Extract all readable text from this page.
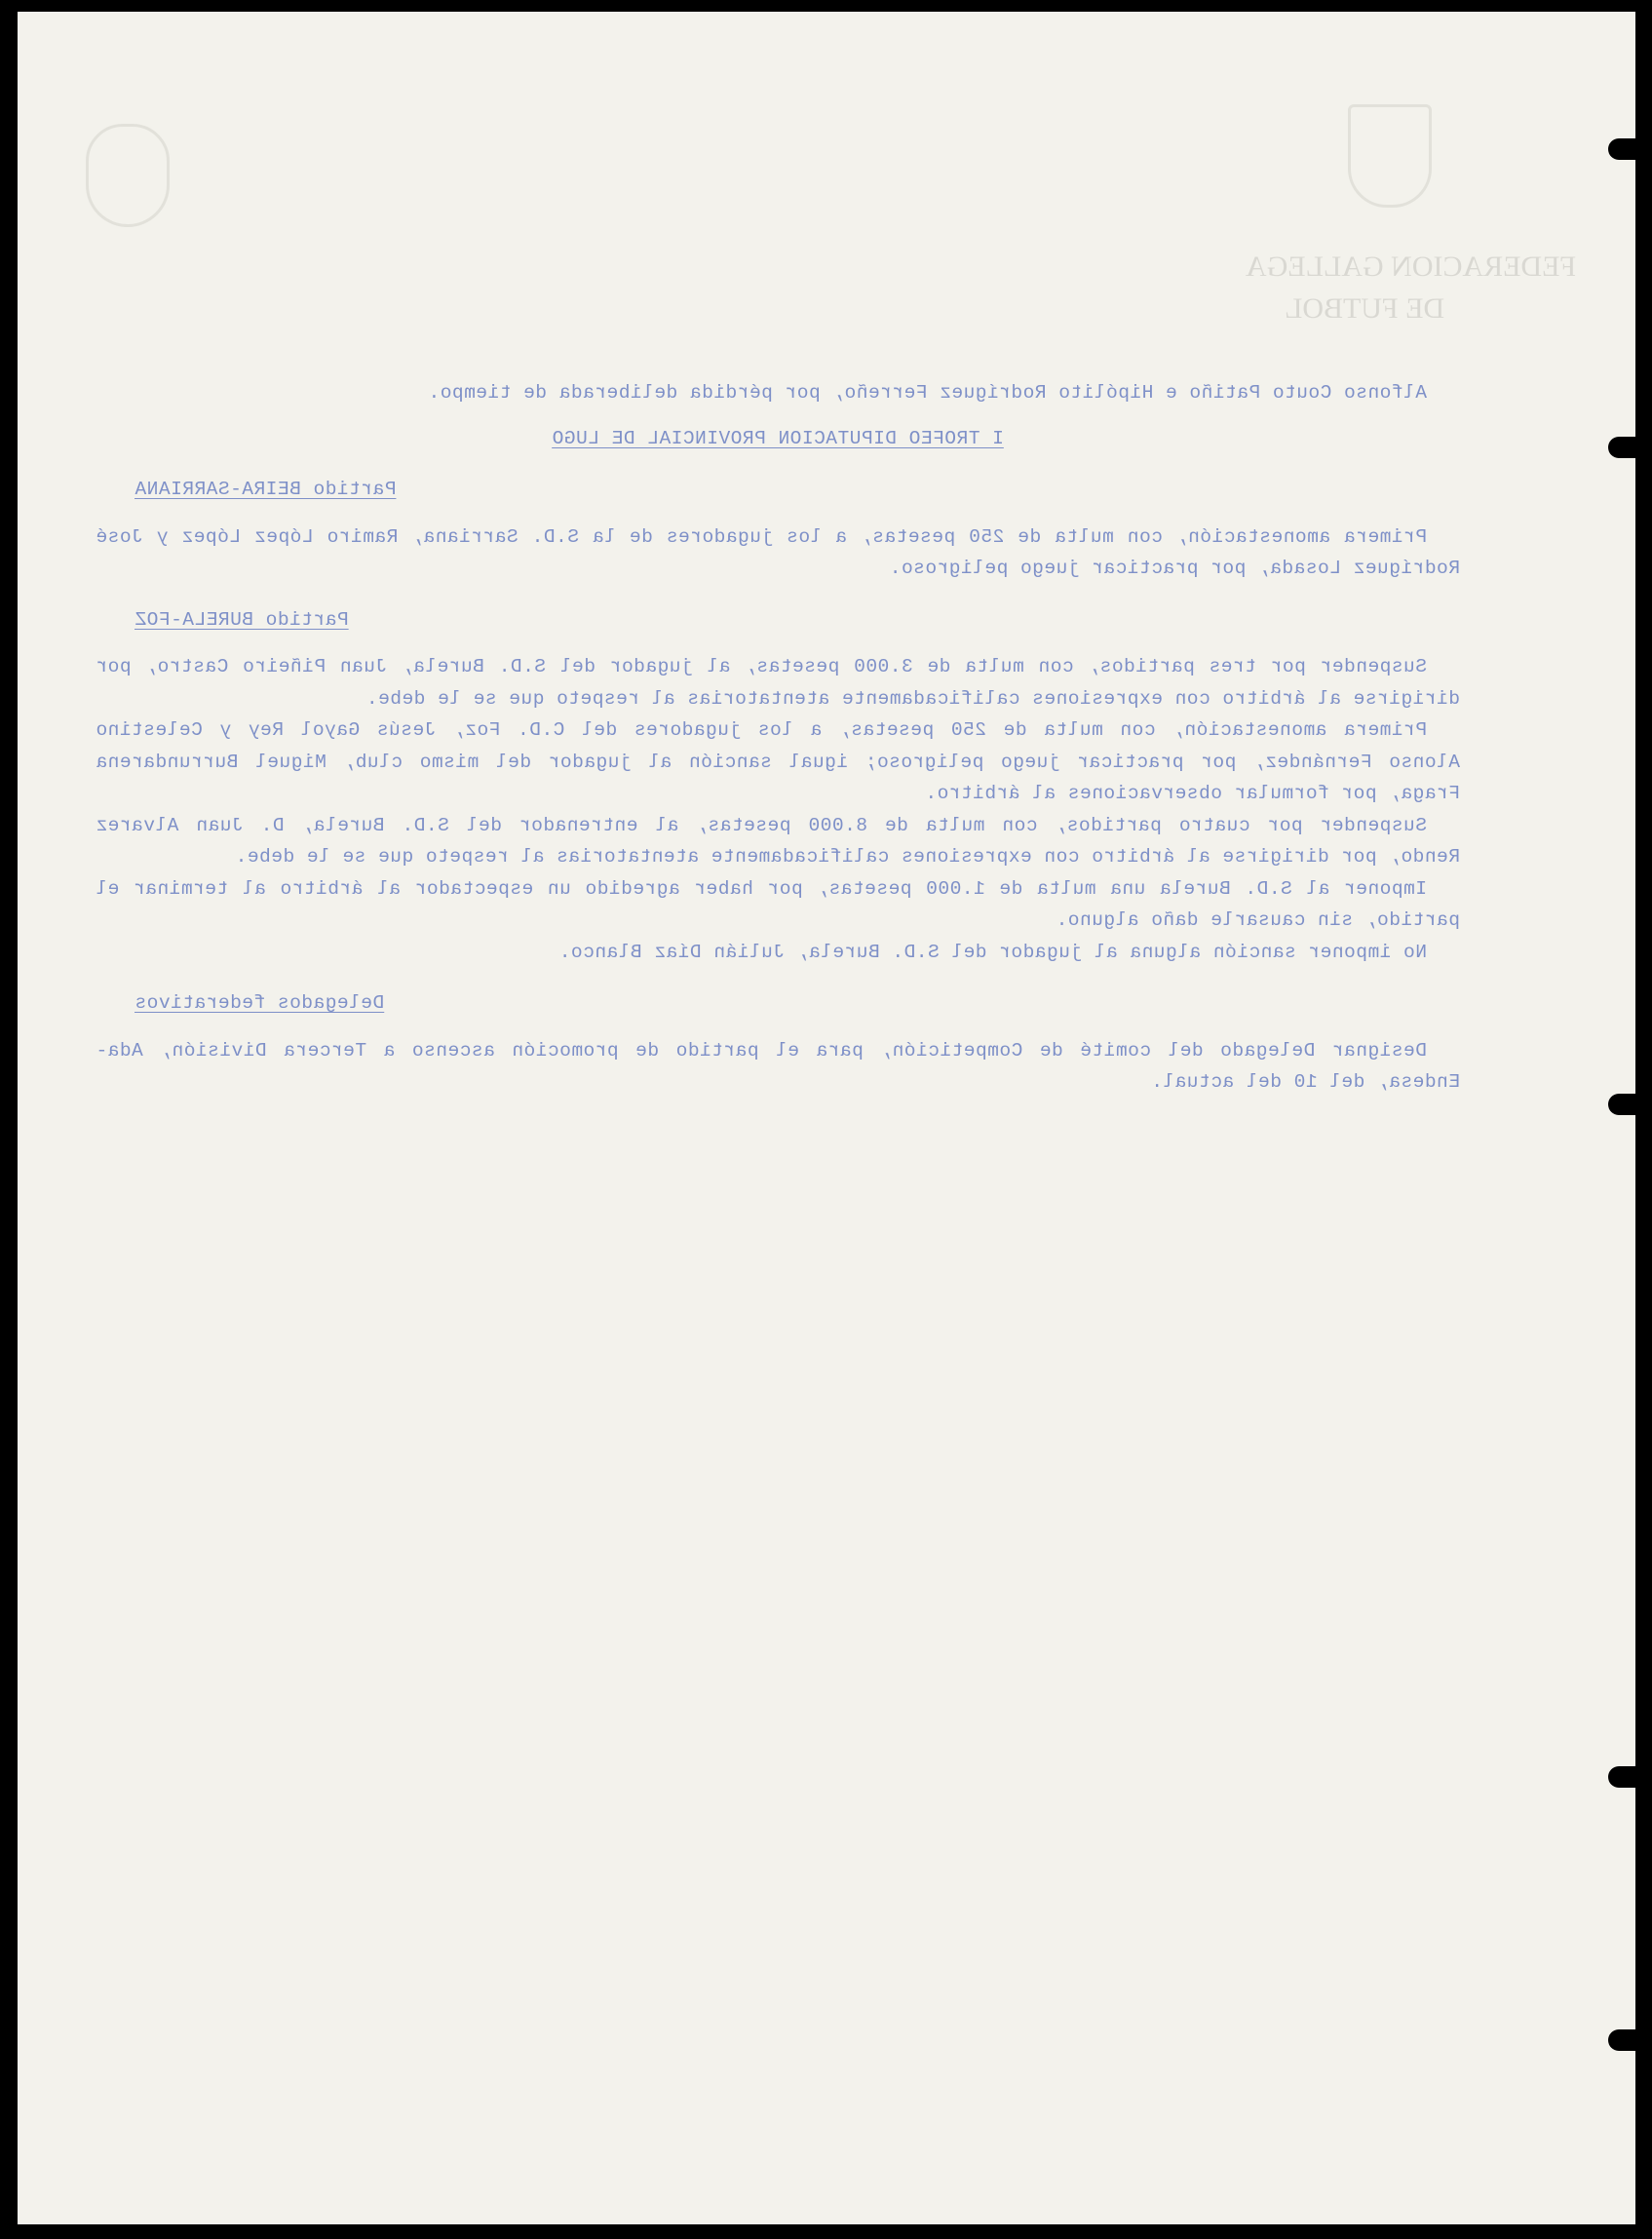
FEDERACION GALLEGA
DE FUTBOL

Alfonso Couto Patiño e Hipólito Rodríguez Ferreño, por pérdida deliberada de tiempo.

I TROFEO DIPUTACION PROVINCIAL DE LUGO

Partido BEIRA-SARRIANA

Primera amonestación, con multa de 250 pesetas, a los jugadores de la S.D. Sarriana, Ramiro López López y José Rodríguez Losada, por practicar juego peligroso.

Partido BURELA-FOZ

Suspender por tres partidos, con multa de 3.000 pesetas, al jugador del S.D. Burela, Juan Piñeiro Castro, por dirigirse al árbitro con expresiones calificadamente atentatorias al respeto que se le debe.

Primera amonestación, con multa de 250 pesetas, a los jugadores del C.D. Foz, Jesús Gayol Rey y Celestino Alonso Fernández, por practicar juego peligroso; igual sanción al jugador del mismo club, Miguel Burrundarena Fraga, por formular observaciones al árbitro.

Suspender por cuatro partidos, con multa de 8.000 pesetas, al entrenador del S.D. Burela, D. Juan Alvarez Rendo, por dirigirse al árbitro con expresiones calificadamente atentatorias al respeto que se le debe.

Imponer al S.D. Burela una multa de 1.000 pesetas, por haber agredido un espectador al árbitro al terminar el partido, sin causarle daño alguno.

No imponer sanción alguna al jugador del S.D. Burela, Julián Díaz Blanco.

Delegados federativos

Designar Delegado del comité de Competición, para el partido de promoción ascenso a Tercera División, Ada-Endesa, del 10 del actual.
